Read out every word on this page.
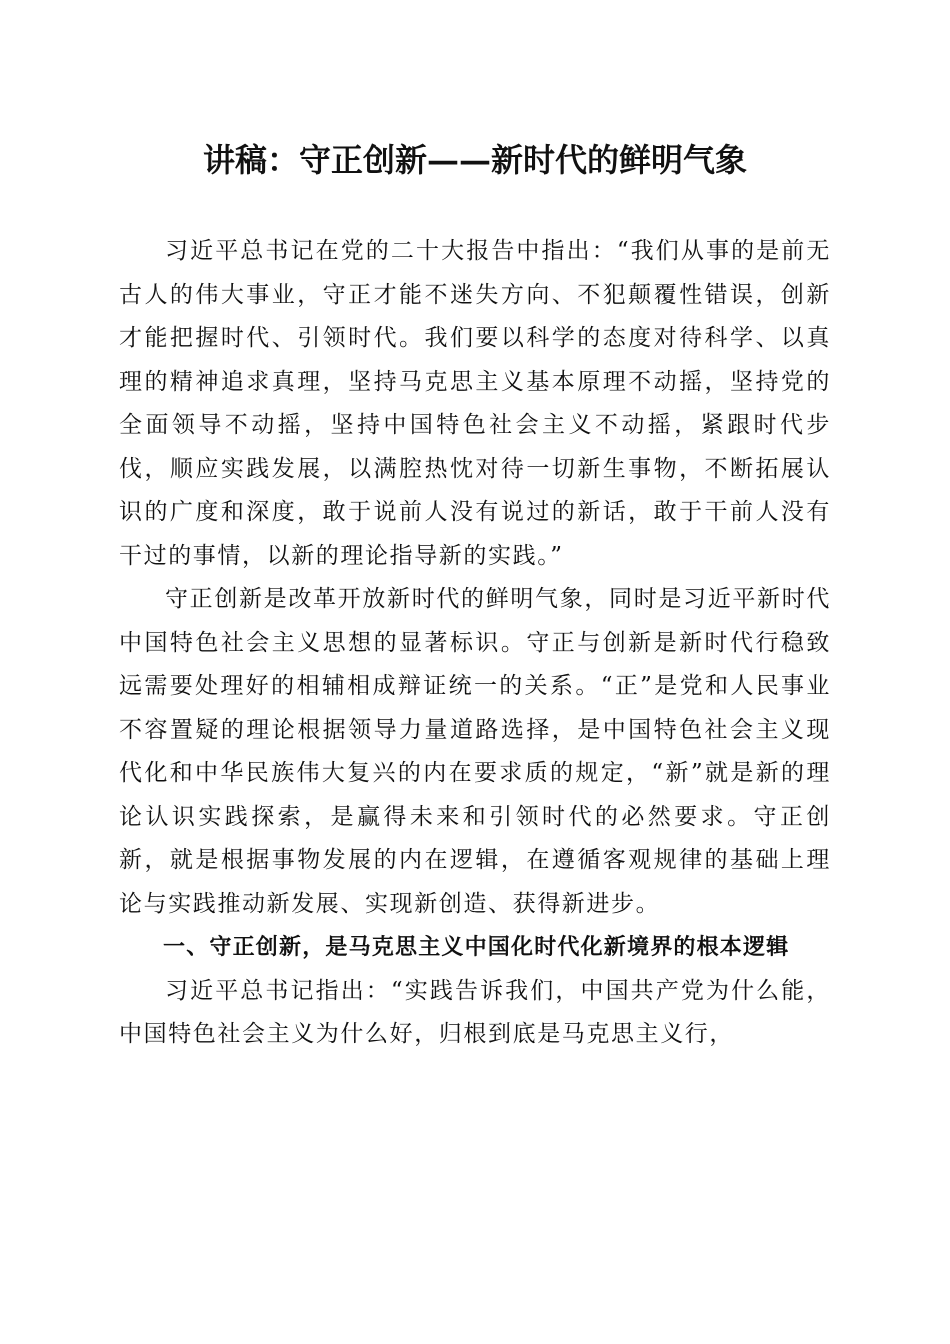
讲稿：守正创新——新时代的鲜明气象

习近平总书记在党的二十大报告中指出：“我们从事的是前无古人的伟大事业，守正才能不迷失方向、不犯颠覆性错误，创新才能把握时代、引领时代。我们要以科学的态度对待科学、以真理的精神追求真理，坚持马克思主义基本原理不动摇，坚持党的全面领导不动摇，坚持中国特色社会主义不动摇，紧跟时代步伐，顺应实践发展，以满腔热忱对待一切新生事物，不断拓展认识的广度和深度，敢于说前人没有说过的新话，敢于干前人没有干过的事情，以新的理论指导新的实践。”

守正创新是改革开放新时代的鲜明气象，同时是习近平新时代中国特色社会主义思想的显著标识。守正与创新是新时代行稳致远需要处理好的相辅相成辩证统一的关系。“正”是党和人民事业不容置疑的理论根据领导力量道路选择，是中国特色社会主义现代化和中华民族伟大复兴的内在要求质的规定，“新”就是新的理论认识实践探索，是赢得未来和引领时代的必然要求。守正创新，就是根据事物发展的内在逻辑，在遵循客观规律的基础上理论与实践推动新发展、实现新创造、获得新进步。

一、守正创新，是马克思主义中国化时代化新境界的根本逻辑

习近平总书记指出：“实践告诉我们，中国共产党为什么能，中国特色社会主义为什么好，归根到底是马克思主义行，
